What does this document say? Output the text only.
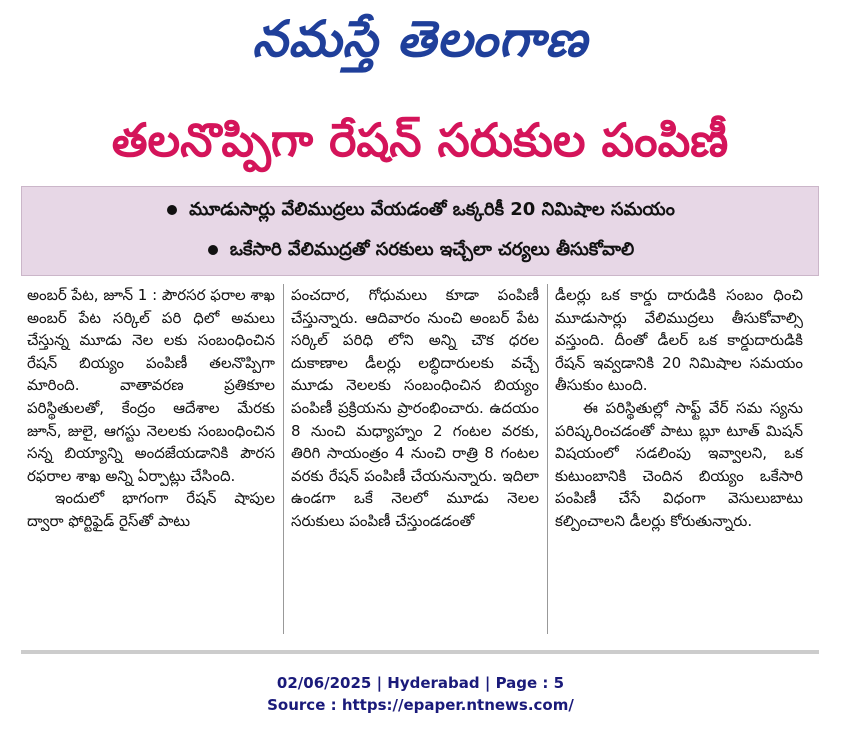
నమస్తే తెలంగాణ
తలనొప్పిగా రేషన్ సరుకుల పంపిణీ
మూడుసార్లు వేలిముద్రలు వేయడంతో ఒక్కరికీ 20 నిమిషాల సమయం
ఒకేసారి వేలిముద్రతో సరకులు ఇచ్చేలా చర్యలు తీసుకోవాలి

అంబర్ పేట, జూన్ 1 : పౌరసర ఫరాల శాఖ అంబర్ పేట సర్కిల్ పరి ధిలో అమలు చేస్తున్న మూడు నెల లకు సంబంధించిన రేషన్ బియ్యం పంపిణీ తలనొప్పిగా మారింది. వాతావరణ ప్రతికూల పరిస్థితులతో, కేంద్రం ఆదేశాల మేరకు జూన్, జులై, ఆగస్టు నెలలకు సంబంధించిన సన్న బియ్యాన్ని అందజేయడానికి పౌరస రఫరాల శాఖ అన్ని ఏర్పాట్లు చేసింది.

ఇందులో భాగంగా రేషన్ షాపుల ద్వారా ఫోర్టిఫైడ్ రైస్‌తో పాటు

పంచదార, గోధుమలు కూడా పంపిణీ చేస్తున్నారు. ఆదివారం నుంచి అంబర్ పేట సర్కిల్ పరిధి లోని అన్ని చౌక ధరల దుకాణాల డీలర్లు లబ్ధిదారులకు వచ్చే మూడు నెలలకు సంబంధించిన బియ్యం పంపిణీ ప్రక్రియను ప్రారంభించారు. ఉదయం 8 నుంచి మధ్యాహ్నం 2 గంటల వరకు, తిరిగి సాయంత్రం 4 నుంచి రాత్రి 8 గంటల వరకు రేషన్ పంపిణీ చేయనున్నారు. ఇదిలా ఉండగా ఒకే నెలలో మూడు నెలల సరుకులు పంపిణీ చేస్తుండడంతో

డీలర్లు ఒక కార్డు దారుడికి సంబం ధించి మూడుసార్లు వేలిముద్రలు తీసుకోవాల్సి వస్తుంది. దీంతో డీలర్ ఒక కార్డుదారుడికి రేషన్ ఇవ్వడానికి 20 నిమిషాల సమయం తీసుకుం టుంది.

ఈ పరిస్థితుల్లో సాఫ్ట్ వేర్ సమ స్యను పరిష్కరించడంతో పాటు బ్లూ టూత్ మిషన్ విషయంలో సడలింపు ఇవ్వాలని, ఒక కుటుంబానికి చెందిన బియ్యం ఒకేసారి పంపిణీ చేసే విధంగా వెసులుబాటు కల్పించాలని డీలర్లు కోరుతున్నారు.

02/06/2025 | Hyderabad | Page : 5
Source : https://epaper.ntnews.com/
